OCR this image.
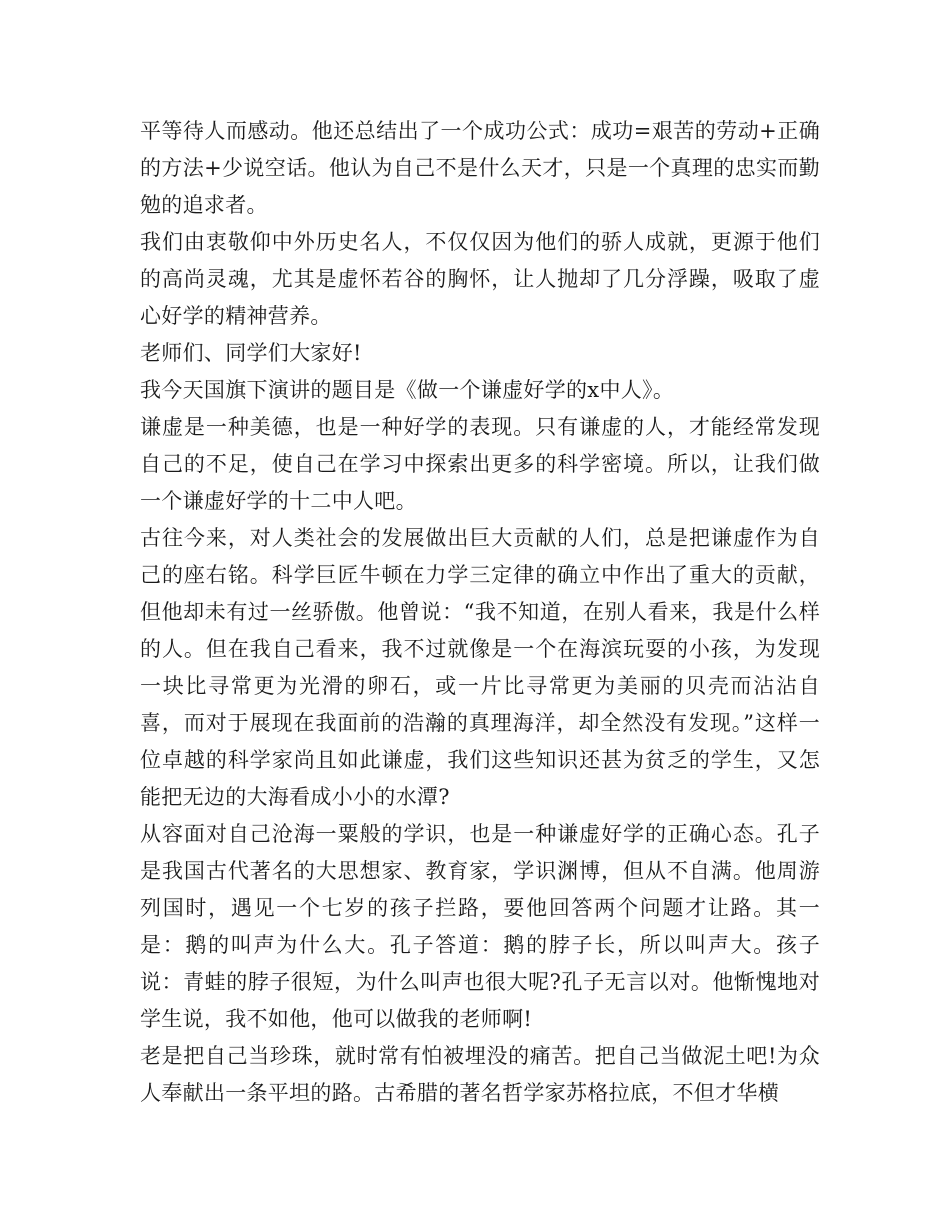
平等待人而感动。他还总结出了一个成功公式：成功=艰苦的劳动+正确的方法+少说空话。他认为自己不是什么天才，只是一个真理的忠实而勤勉的追求者。

我们由衷敬仰中外历史名人，不仅仅因为他们的骄人成就，更源于他们的高尚灵魂，尤其是虚怀若谷的胸怀，让人抛却了几分浮躁，吸取了虚心好学的精神营养。

老师们、同学们大家好!

我今天国旗下演讲的题目是《做一个谦虚好学的x中人》。

谦虚是一种美德，也是一种好学的表现。只有谦虚的人，才能经常发现自己的不足，使自己在学习中探索出更多的科学密境。所以，让我们做一个谦虚好学的十二中人吧。

古往今来，对人类社会的发展做出巨大贡献的人们，总是把谦虚作为自己的座右铭。科学巨匠牛顿在力学三定律的确立中作出了重大的贡献，但他却未有过一丝骄傲。他曾说：“我不知道，在别人看来，我是什么样的人。但在我自己看来，我不过就像是一个在海滨玩耍的小孩，为发现一块比寻常更为光滑的卵石，或一片比寻常更为美丽的贝壳而沾沾自喜，而对于展现在我面前的浩瀚的真理海洋，却全然没有发现。”这样一位卓越的科学家尚且如此谦虚，我们这些知识还甚为贫乏的学生，又怎能把无边的大海看成小小的水潭?

从容面对自己沧海一粟般的学识，也是一种谦虚好学的正确心态。孔子是我国古代著名的大思想家、教育家，学识渊博，但从不自满。他周游列国时，遇见一个七岁的孩子拦路，要他回答两个问题才让路。其一是：鹅的叫声为什么大。孔子答道：鹅的脖子长，所以叫声大。孩子说：青蛙的脖子很短，为什么叫声也很大呢?孔子无言以对。他惭愧地对学生说，我不如他，他可以做我的老师啊!

老是把自己当珍珠，就时常有怕被埋没的痛苦。把自己当做泥土吧!为众人奉献出一条平坦的路。古希腊的著名哲学家苏格拉底，不但才华横
